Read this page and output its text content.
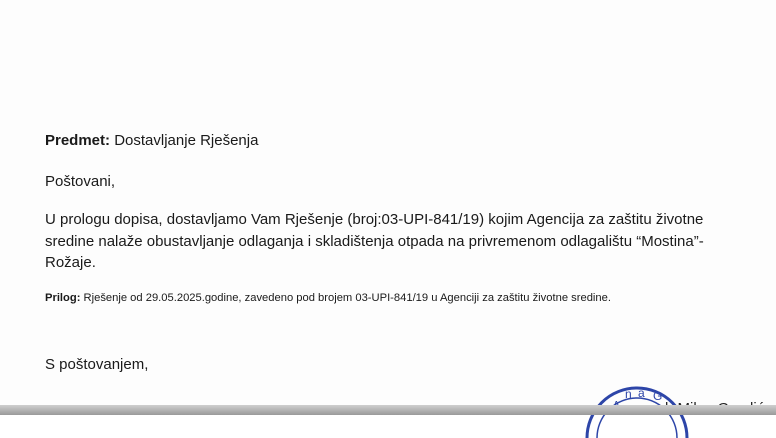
Predmet: Dostavljanje Rješenja
Poštovani,
U prologu dopisa, dostavljamo Vam Rješenje (broj:03-UPI-841/19) kojim Agencija za zaštitu životne
sredine nalaže obustavljanje odlaganja i skladištenja otpada na privremenom odlagalištu “Mostina”-
Rožaje.
Prilog: Rješenje od 29.05.2025.godine, zavedeno pod brojem 03-UPI-841/19 u Agenciji za zaštitu životne sredine.
S poštovanjem,
n a G
